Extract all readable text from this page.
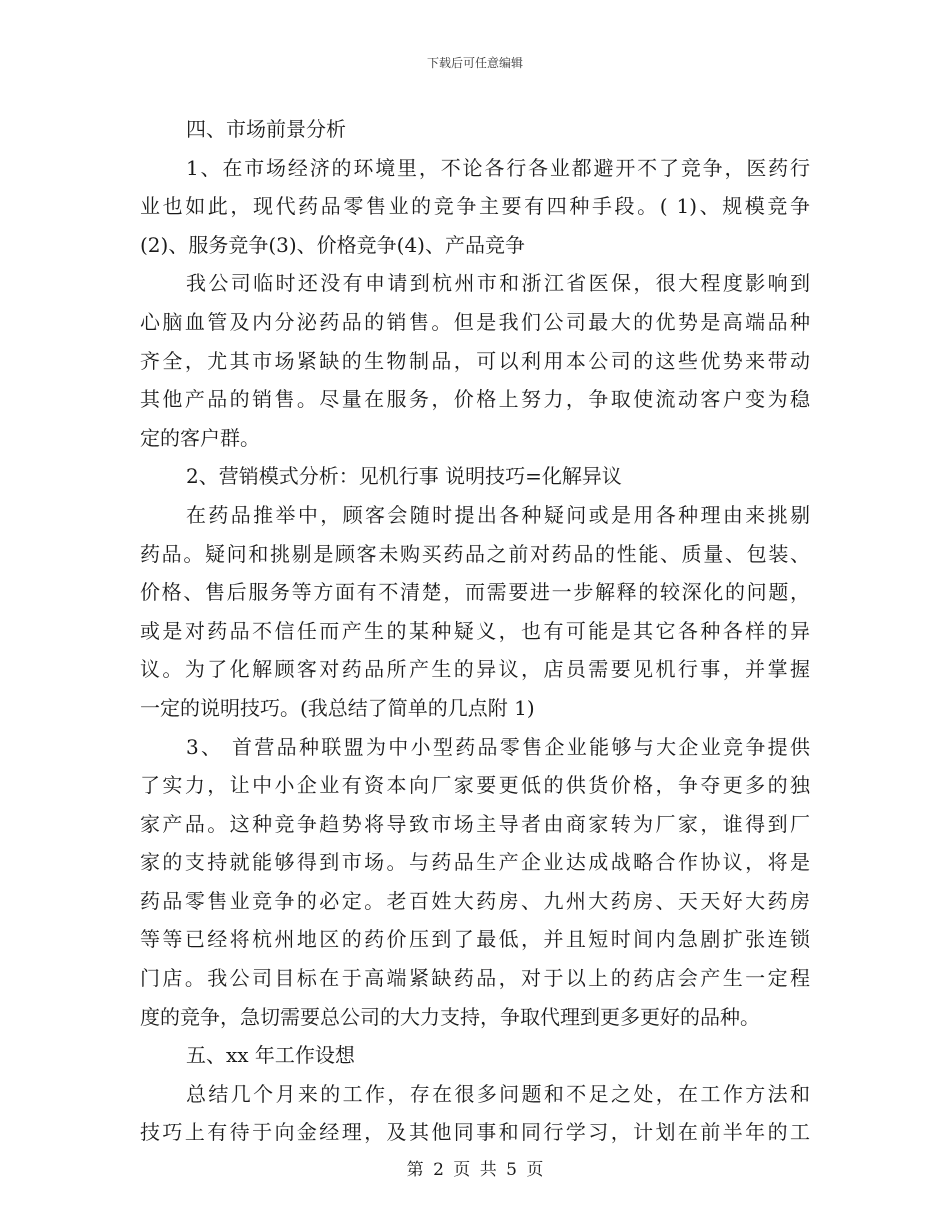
下载后可任意编辑
四、市场前景分析
1、在市场经济的环境里，不论各行各业都避开不了竞争，医药行
业也如此，现代药品零售业的竞争主要有四种手段。( 1)、规模竞争
(2)、服务竞争(3)、价格竞争(4)、产品竞争
我公司临时还没有申请到杭州市和浙江省医保，很大程度影响到
心脑血管及内分泌药品的销售。但是我们公司最大的优势是高端品种
齐全，尤其市场紧缺的生物制品，可以利用本公司的这些优势来带动
其他产品的销售。尽量在服务，价格上努力，争取使流动客户变为稳
定的客户群。
2、营销模式分析：见机行事 说明技巧=化解异议
在药品推举中，顾客会随时提出各种疑问或是用各种理由来挑剔
药品。疑问和挑剔是顾客未购买药品之前对药品的性能、质量、包装、
价格、售后服务等方面有不清楚，而需要进一步解释的较深化的问题，
或是对药品不信任而产生的某种疑义，也有可能是其它各种各样的异
议。为了化解顾客对药品所产生的异议，店员需要见机行事，并掌握
一定的说明技巧。(我总结了简单的几点附 1)
3、 首营品种联盟为中小型药品零售企业能够与大企业竞争提供
了实力，让中小企业有资本向厂家要更低的供货价格，争夺更多的独
家产品。这种竞争趋势将导致市场主导者由商家转为厂家，谁得到厂
家的支持就能够得到市场。与药品生产企业达成战略合作协议，将是
药品零售业竞争的必定。老百姓大药房、九州大药房、天天好大药房
等等已经将杭州地区的药价压到了最低，并且短时间内急剧扩张连锁
门店。我公司目标在于高端紧缺药品，对于以上的药店会产生一定程
度的竞争，急切需要总公司的大力支持，争取代理到更多更好的品种。
五、xx 年工作设想
总结几个月来的工作，存在很多问题和不足之处，在工作方法和
技巧上有待于向金经理，及其他同事和同行学习，计划在前半年的工
第 2 页 共 5 页
